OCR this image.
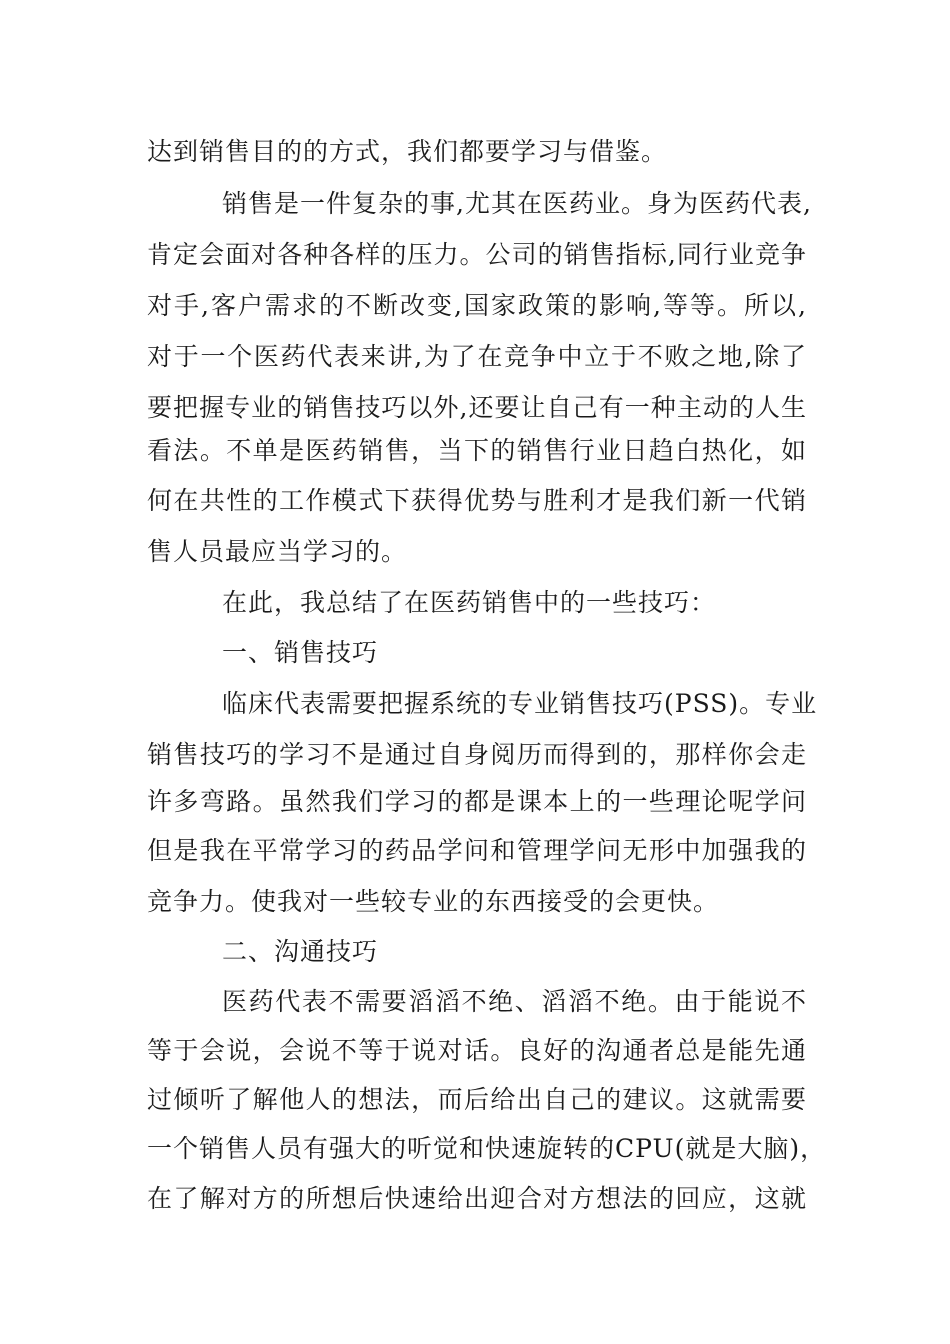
达到销售目的的方式，我们都要学习与借鉴。
销售是一件复杂的事,尤其在医药业。身为医药代表,
肯定会面对各种各样的压力。公司的销售指标,同行业竞争
对手,客户需求的不断改变,国家政策的影响,等等。所以,
对于一个医药代表来讲,为了在竞争中立于不败之地,除了
要把握专业的销售技巧以外,还要让自己有一种主动的人生
看法。不单是医药销售，当下的销售行业日趋白热化，如
何在共性的工作模式下获得优势与胜利才是我们新一代销
售人员最应当学习的。
在此，我总结了在医药销售中的一些技巧：
一、销售技巧
临床代表需要把握系统的专业销售技巧(PSS)。专业
销售技巧的学习不是通过自身阅历而得到的，那样你会走
许多弯路。虽然我们学习的都是课本上的一些理论呢学问
但是我在平常学习的药品学问和管理学问无形中加强我的
竞争力。使我对一些较专业的东西接受的会更快。
二、沟通技巧
医药代表不需要滔滔不绝、滔滔不绝。由于能说不
等于会说，会说不等于说对话。良好的沟通者总是能先通
过倾听了解他人的想法，而后给出自己的建议。这就需要
一个销售人员有强大的听觉和快速旋转的CPU(就是大脑)，
在了解对方的所想后快速给出迎合对方想法的回应，这就
